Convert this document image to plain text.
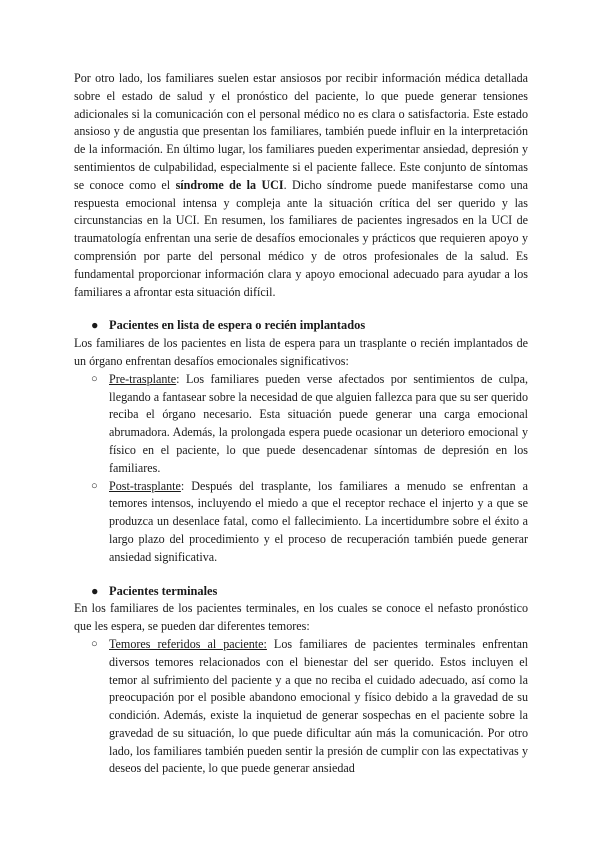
Por otro lado, los familiares suelen estar ansiosos por recibir información médica detallada sobre el estado de salud y el pronóstico del paciente, lo que puede generar tensiones adicionales si la comunicación con el personal médico no es clara o satisfactoria. Este estado ansioso y de angustia que presentan los familiares, también puede influir en la interpretación de la información. En último lugar, los familiares pueden experimentar ansiedad, depresión y sentimientos de culpabilidad, especialmente si el paciente fallece. Este conjunto de síntomas se conoce como el síndrome de la UCI. Dicho síndrome puede manifestarse como una respuesta emocional intensa y compleja ante la situación crítica del ser querido y las circunstancias en la UCI. En resumen, los familiares de pacientes ingresados en la UCI de traumatología enfrentan una serie de desafíos emocionales y prácticos que requieren apoyo y comprensión por parte del personal médico y de otros profesionales de la salud. Es fundamental proporcionar información clara y apoyo emocional adecuado para ayudar a los familiares a afrontar esta situación difícil.

● Pacientes en lista de espera o recién implantados

Los familiares de los pacientes en lista de espera para un trasplante o recién implantados de un órgano enfrentan desafíos emocionales significativos:

○ Pre-trasplante: Los familiares pueden verse afectados por sentimientos de culpa, llegando a fantasear sobre la necesidad de que alguien fallezca para que su ser querido reciba el órgano necesario. Esta situación puede generar una carga emocional abrumadora. Además, la prolongada espera puede ocasionar un deterioro emocional y físico en el paciente, lo que puede desencadenar síntomas de depresión en los familiares.

○ Post-trasplante: Después del trasplante, los familiares a menudo se enfrentan a temores intensos, incluyendo el miedo a que el receptor rechace el injerto y a que se produzca un desenlace fatal, como el fallecimiento. La incertidumbre sobre el éxito a largo plazo del procedimiento y el proceso de recuperación también puede generar ansiedad significativa.

● Pacientes terminales

En los familiares de los pacientes terminales, en los cuales se conoce el nefasto pronóstico que les espera, se pueden dar diferentes temores:

○ Temores referidos al paciente: Los familiares de pacientes terminales enfrentan diversos temores relacionados con el bienestar del ser querido. Estos incluyen el temor al sufrimiento del paciente y a que no reciba el cuidado adecuado, así como la preocupación por el posible abandono emocional y físico debido a la gravedad de su condición. Además, existe la inquietud de generar sospechas en el paciente sobre la gravedad de su situación, lo que puede dificultar aún más la comunicación. Por otro lado, los familiares también pueden sentir la presión de cumplir con las expectativas y deseos del paciente, lo que puede generar ansiedad
